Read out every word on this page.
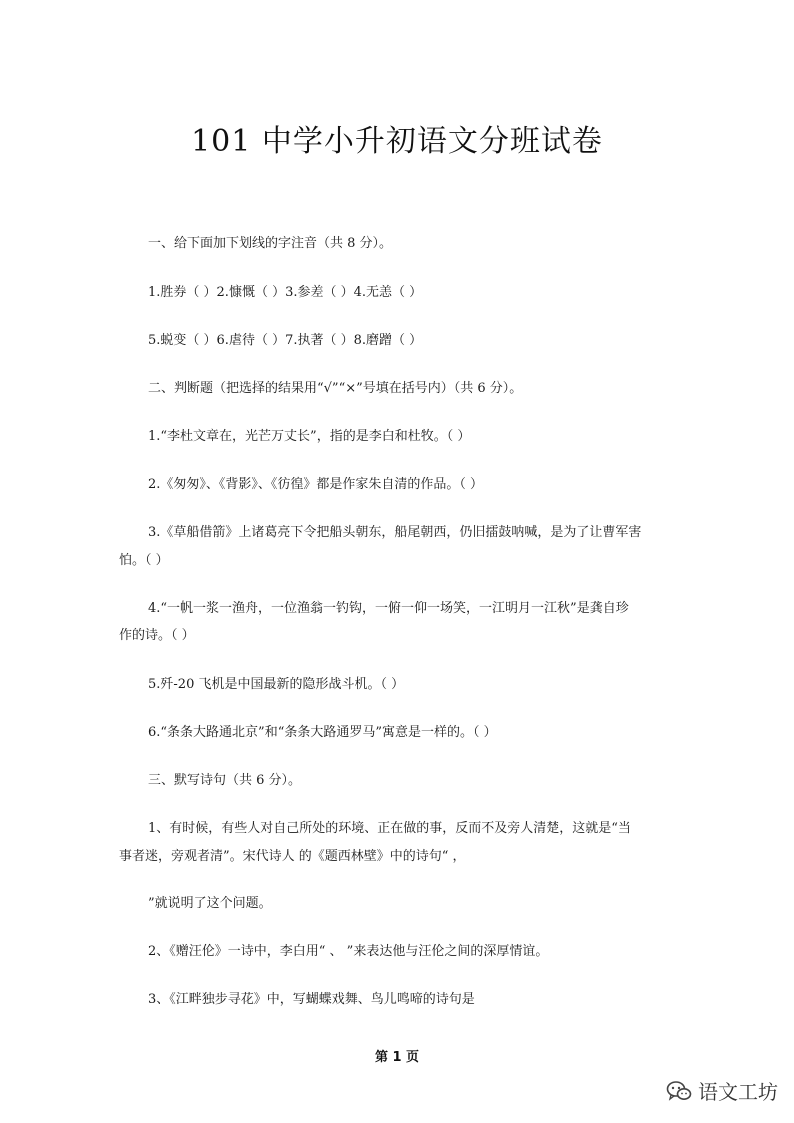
101 中学小升初语文分班试卷
一、给下面加下划线的字注音（共 8 分）。
1.胜券（ ）2.慷慨（ ）3.参差（ ）4.无恙（ ）
5.蜕变（ ）6.虐待（ ）7.执著（ ）8.磨蹭（ ）
二、判断题（把选择的结果用“√”“×”号填在括号内）（共 6 分）。
1.“李杜文章在，光芒万丈长”，指的是李白和杜牧。（ ）
2.《匆匆》、《背影》、《彷徨》都是作家朱自清的作品。（ ）
3.《草船借箭》上诸葛亮下令把船头朝东，船尾朝西，仍旧擂鼓呐喊，是为了让曹军害
怕。（ ）
4.“一帆一浆一渔舟，一位渔翁一钓钩，一俯一仰一场笑，一江明月一江秋”是龚自珍
作的诗。（ ）
5.歼-20 飞机是中国最新的隐形战斗机。（ ）
6.“条条大路通北京”和“条条大路通罗马”寓意是一样的。（ ）
三、默写诗句（共 6 分）。
1、有时候，有些人对自己所处的环境、正在做的事，反而不及旁人清楚，这就是“当
事者迷，旁观者清”。宋代诗人 的《题西林壁》中的诗句“ ，
”就说明了这个问题。
2、《赠汪伦》一诗中，李白用“ 、 ”来表达他与汪伦之间的深厚情谊。
3、《江畔独步寻花》中，写蝴蝶戏舞、鸟儿鸣啼的诗句是
第 1 页
语文工坊
